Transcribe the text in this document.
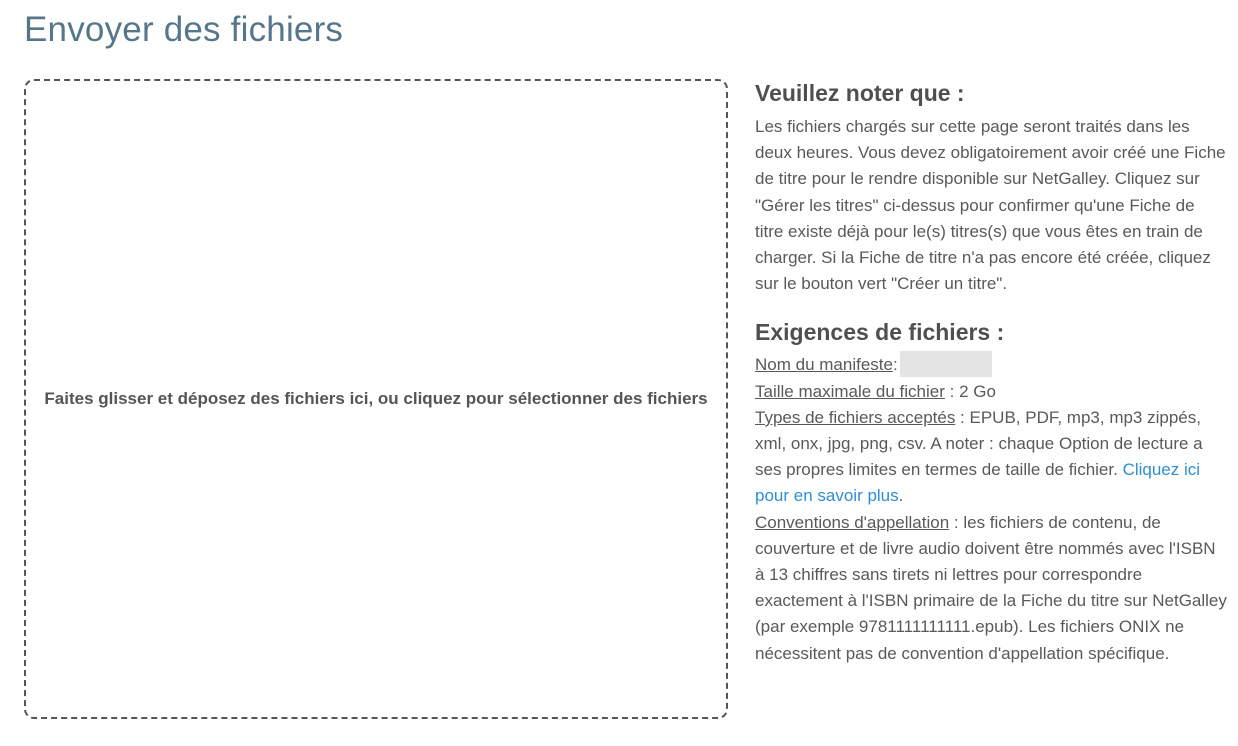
Envoyer des fichiers
Faites glisser et déposez des fichiers ici, ou cliquez pour sélectionner des fichiers
Veuillez noter que :
Les fichiers chargés sur cette page seront traités dans les deux heures. Vous devez obligatoirement avoir créé une Fiche de titre pour le rendre disponible sur NetGalley. Cliquez sur "Gérer les titres" ci-dessus pour confirmer qu'une Fiche de titre existe déjà pour le(s) titres(s) que vous êtes en train de charger. Si la Fiche de titre n'a pas encore été créée, cliquez sur le bouton vert "Créer un titre".
Exigences de fichiers :
Nom du manifeste:
Taille maximale du fichier : 2 Go
Types de fichiers acceptés : EPUB, PDF, mp3, mp3 zippés, xml, onx, jpg, png, csv. A noter : chaque Option de lecture a ses propres limites en termes de taille de fichier. Cliquez ici pour en savoir plus.
Conventions d'appellation : les fichiers de contenu, de couverture et de livre audio doivent être nommés avec l'ISBN à 13 chiffres sans tirets ni lettres pour correspondre exactement à l'ISBN primaire de la Fiche du titre sur NetGalley (par exemple 9781111111111.epub). Les fichiers ONIX ne nécessitent pas de convention d'appellation spécifique.
